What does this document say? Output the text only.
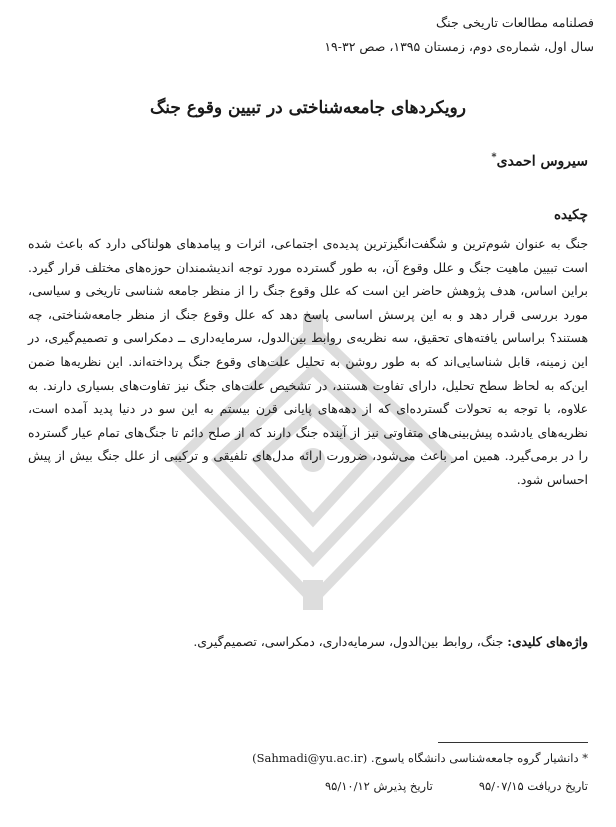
فصلنامه مطالعات تاریخی جنگ
سال اول، شماره‌ی دوم، زمستان ۱۳۹۵، صص ۳۲-۱۹
رویکردهای جامعه‌شناختی در تبیین وقوع جنگ
سیروس احمدی*
چکیده
جنگ به عنوان شوم‌ترین و شگفت‌انگیز‌ترین پدیده‌ی اجتماعی، اثرات و پیامدهای هولناکی دارد که باعث شده است تبیین ماهیت جنگ و علل وقوع آن، به طور گسترده مورد توجه اندیشمندان حوزه‌های مختلف قرار گیرد. براین اساس، هدف پژوهش حاضر این است که علل وقوع جنگ را از منظر جامعه شناسی تاریخی و سیاسی، مورد بررسی قرار دهد و به این پرسش اساسی پاسخ دهد که علل وقوع جنگ از منظر جامعه‌شناختی، چه هستند؟ براساس یافته‌های تحقیق، سه نظریه‌ی روابط بین‌الدول، سرمایه‌داری ــ دمکراسی و تصمیم‌گیری، در این زمینه، قابل شناسایی‌اند که به طور روشن به تحلیل علت‌های وقوع جنگ پرداخته‌اند. این نظریه‌ها ضمن این‌که به لحاظ سطح تحلیل، دارای تفاوت هستند، در تشخیص علت‌های جنگ نیز تفاوت‌های بسیاری دارند. به علاوه، با توجه به تحولات گسترده‌ای که از دهه‌های پایانی قرن بیستم به این سو در دنیا پدید آمده است، نظریه‌های یادشده پیش‌بینی‌های متفاوتی نیز از آینده جنگ دارند که از صلح دائم تا جنگ‌های تمام عیار گسترده را در برمی‌گیرد. همین امر باعث می‌شود، ضرورت ارائه مدل‌های تلفیقی و ترکیبی از علل جنگ بیش از پیش احساس شود.
واژه‌های کلیدی: جنگ، روابط بین‌الدول، سرمایه‌داری، دمکراسی، تصمیم‌گیری.
* دانشیار گروه جامعه‌شناسی دانشگاه یاسوج. (Sahmadi@yu.ac.ir)
تاریخ دریافت ۹۵/۰۷/۱۵
تاریخ پذیرش ۹۵/۱۰/۱۲
